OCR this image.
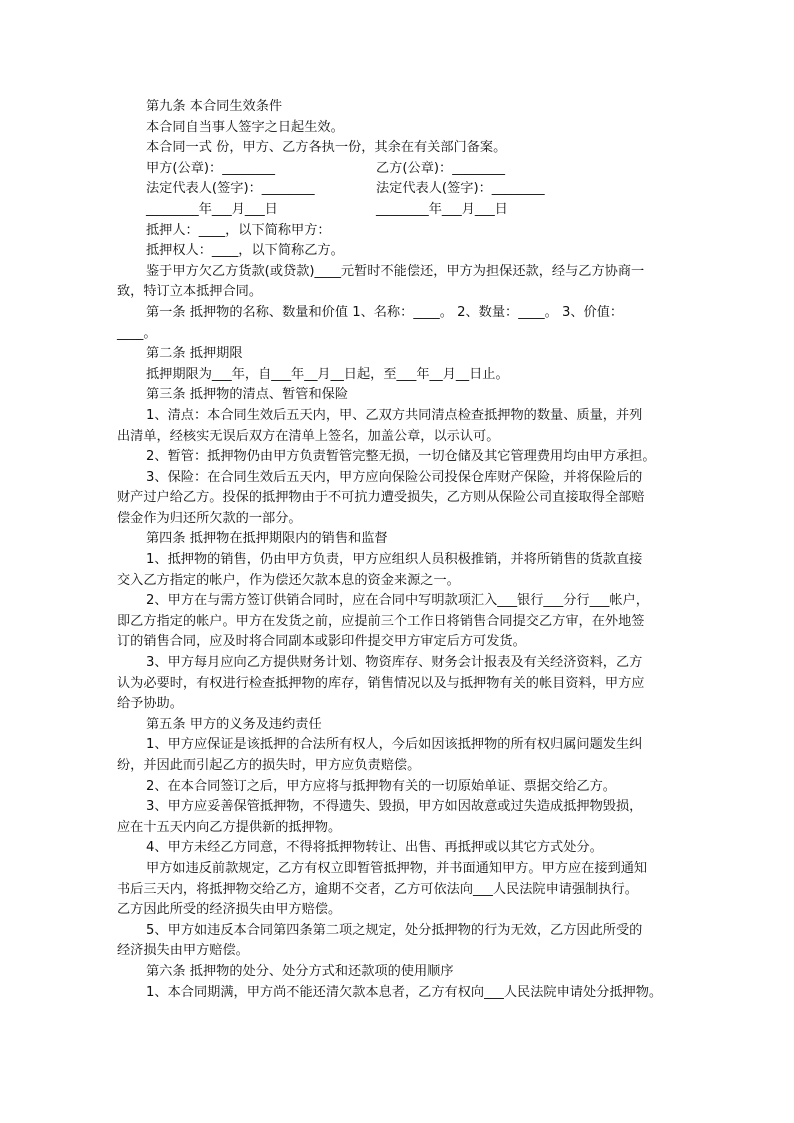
第九条 本合同生效条件
本合同自当事人签字之日起生效。
本合同一式 份，甲方、乙方各执一份，其余在有关部门备案。
甲方(公章)：________	乙方(公章)：________
法定代表人(签字)：________	法定代表人(签字)：________
________年___月___日	________年___月___日
抵押人：____，以下简称甲方：
抵押权人：____，以下简称乙方。
鉴于甲方欠乙方货款(或贷款)____元暂时不能偿还，甲方为担保还款，经与乙方协商一
致，特订立本抵押合同。
第一条 抵押物的名称、数量和价值 1、名称：____。 2、数量：____。 3、价值：
____。
第二条 抵押期限
抵押期限为___年，自___年__月__日起，至___年__月__日止。
第三条 抵押物的清点、暂管和保险
1、清点：本合同生效后五天内，甲、乙双方共同清点检查抵押物的数量、质量，并列
出清单，经核实无误后双方在清单上签名，加盖公章，以示认可。
2、暂管：抵押物仍由甲方负责暂管完整无损，一切仓储及其它管理费用均由甲方承担。
3、保险：在合同生效后五天内，甲方应向保险公司投保仓库财产保险，并将保险后的
财产过户给乙方。投保的抵押物由于不可抗力遭受损失，乙方则从保险公司直接取得全部赔
偿金作为归还所欠款的一部分。
第四条 抵押物在抵押期限内的销售和监督
1、抵押物的销售，仍由甲方负责，甲方应组织人员积极推销，并将所销售的货款直接
交入乙方指定的帐户，作为偿还欠款本息的资金来源之一。
2、甲方在与需方签订供销合同时，应在合同中写明款项汇入___银行___分行___帐户，
即乙方指定的帐户。甲方在发货之前，应提前三个工作日将销售合同提交乙方审，在外地签
订的销售合同，应及时将合同副本或影印件提交甲方审定后方可发货。
3、甲方每月应向乙方提供财务计划、物资库存、财务会计报表及有关经济资料，乙方
认为必要时，有权进行检查抵押物的库存，销售情况以及与抵押物有关的帐目资料，甲方应
给予协助。
第五条 甲方的义务及违约责任
1、甲方应保证是该抵押的合法所有权人，今后如因该抵押物的所有权归属问题发生纠
纷，并因此而引起乙方的损失时，甲方应负责赔偿。
2、在本合同签订之后，甲方应将与抵押物有关的一切原始单证、票据交给乙方。
3、甲方应妥善保管抵押物，不得遗失、毁损，甲方如因故意或过失造成抵押物毁损，
应在十五天内向乙方提供新的抵押物。
4、甲方未经乙方同意，不得将抵押物转让、出售、再抵押或以其它方式处分。
甲方如违反前款规定，乙方有权立即暂管抵押物，并书面通知甲方。甲方应在接到通知
书后三天内，将抵押物交给乙方，逾期不交者，乙方可依法向___人民法院申请强制执行。
乙方因此所受的经济损失由甲方赔偿。
5、甲方如违反本合同第四条第二项之规定，处分抵押物的行为无效，乙方因此所受的
经济损失由甲方赔偿。
第六条 抵押物的处分、处分方式和还款项的使用顺序
1、本合同期满，甲方尚不能还清欠款本息者，乙方有权向___人民法院申请处分抵押物。
